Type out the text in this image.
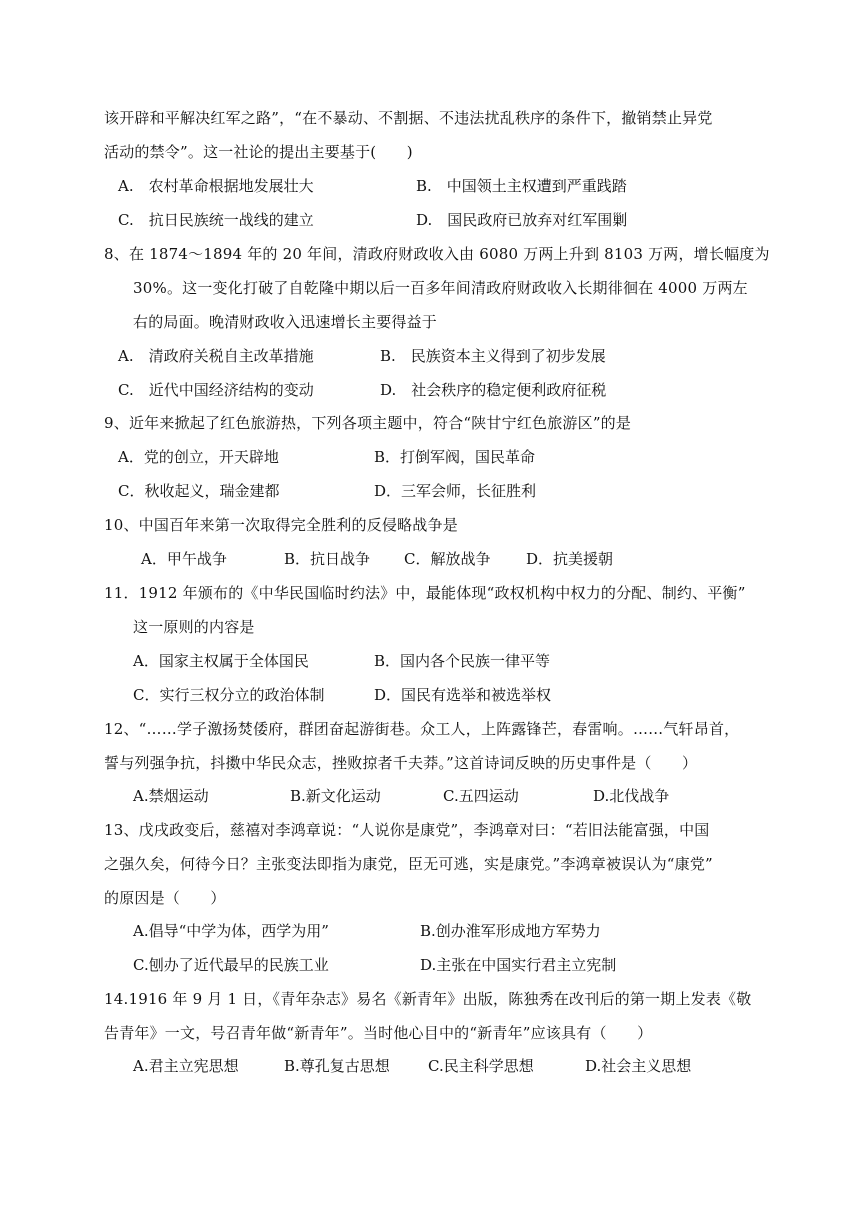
该开辟和平解决红军之路”，“在不暴动、不割据、不违法扰乱秩序的条件下，撤销禁止异党
活动的禁令”。这一社论的提出主要基于(　　)
A.　农村革命根据地发展壮大	B.　中国领土主权遭到严重践踏
C.　抗日民族统一战线的建立	D.　国民政府已放弃对红军围剿
8、在 1874～1894 年的 20 年间，清政府财政收入由 6080 万两上升到 8103 万两，增长幅度为
30%。这一变化打破了自乾隆中期以后一百多年间清政府财政收入长期徘徊在 4000 万两左
右的局面。晚清财政收入迅速增长主要得益于
A.　清政府关税自主改革措施	B.　民族资本主义得到了初步发展
C.　近代中国经济结构的变动	D.　社会秩序的稳定便利政府征税
9、近年来掀起了红色旅游热，下列各项主题中，符合“陕甘宁红色旅游区”的是
A．党的创立，开天辟地	B．打倒军阀，国民革命
C．秋收起义，瑞金建都	D．三军会师，长征胜利
10、中国百年来第一次取得完全胜利的反侵略战争是
A．甲午战争	B．抗日战争 C．解放战争 D．抗美援朝
11．1912 年颁布的《中华民国临时约法》中，最能体现“政权机构中权力的分配、制约、平衡”
这一原则的内容是
A．国家主权属于全体国民	B．国内各个民族一律平等
C．实行三权分立的政治体制	D．国民有选举和被选举权
12、“……学子激扬焚倭府，群团奋起游街巷。众工人，上阵露锋芒，春雷响。……气轩昂首，
誓与列强争抗，抖擞中华民众志，挫败掠者千夫莽。”这首诗词反映的历史事件是（　　）
A.禁烟运动	B.新文化运动	C.五四运动	D.北伐战争
13、戊戌政变后，慈禧对李鸿章说：“人说你是康党”，李鸿章对曰：“若旧法能富强，中国
之强久矣，何待今日？主张变法即指为康党，臣无可逃，实是康党。”李鸿章被误认为“康党”
的原因是（　　）
A.倡导“中学为体，西学为用”	B.创办淮军形成地方军势力
C.刨办了近代最早的民族工业	D.主张在中国实行君主立宪制
14.1916 年 9 月 1 日，《青年杂志》易名《新青年》出版，陈独秀在改刊后的第一期上发表《敬
告青年》一文，号召青年做“新青年”。当时他心目中的“新青年”应该具有（　　）
A.君主立宪思想	B.尊孔复古思想	C.民主科学思想	D.社会主义思想
